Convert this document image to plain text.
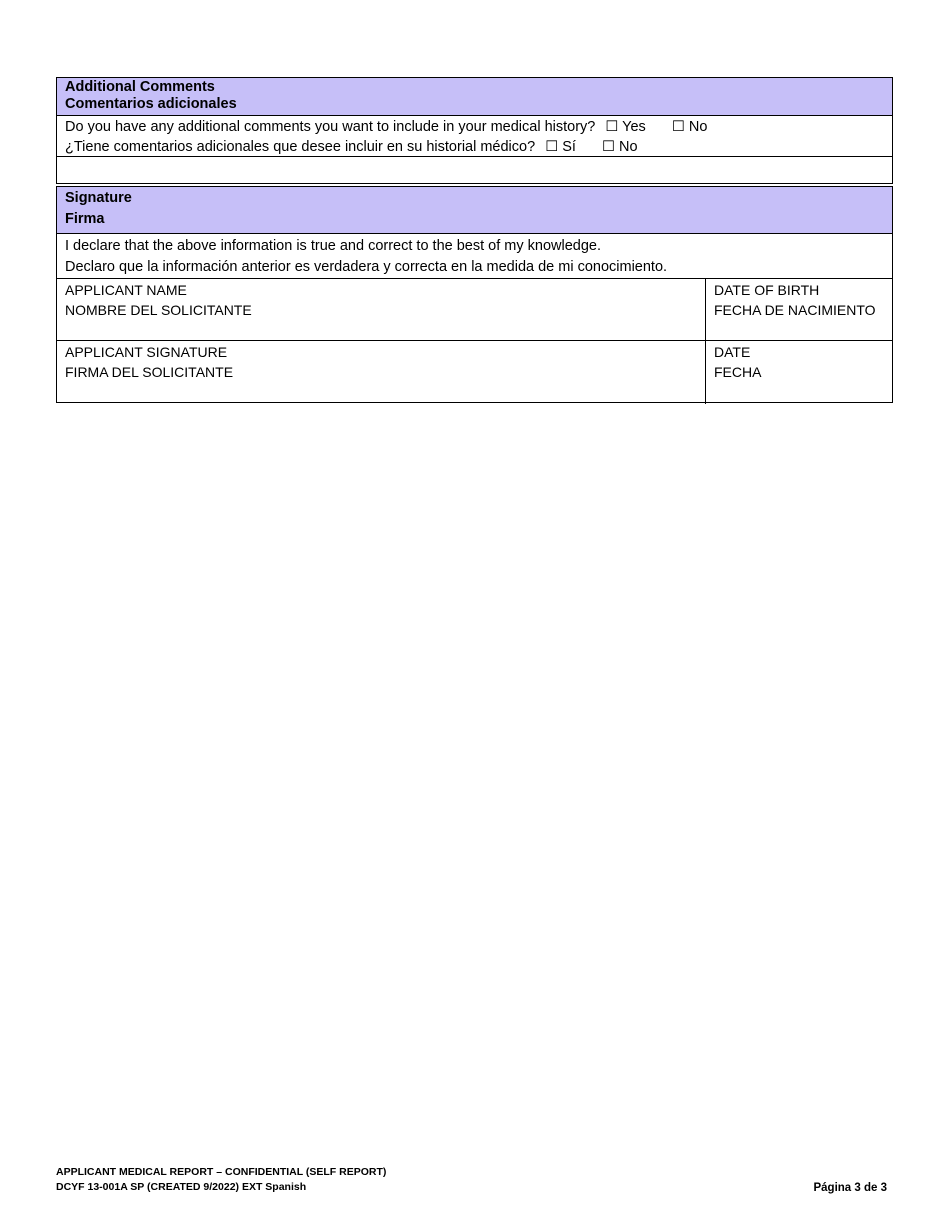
Additional Comments
Comentarios adicionales
Do you have any additional comments you want to include in your medical history? ☐ Yes ☐ No
¿Tiene comentarios adicionales que desee incluir en su historial médico? ☐ Sí ☐ No
Signature
Firma
I declare that the above information is true and correct to the best of my knowledge.
Declaro que la información anterior es verdadera y correcta en la medida de mi conocimiento.
APPLICANT NAME
NOMBRE DEL SOLICITANTE
DATE OF BIRTH
FECHA DE NACIMIENTO
APPLICANT SIGNATURE
FIRMA DEL SOLICITANTE
DATE
FECHA
APPLICANT MEDICAL REPORT – CONFIDENTIAL (SELF REPORT)
DCYF 13-001A SP (CREATED 9/2022) EXT Spanish	Página 3 de 3
